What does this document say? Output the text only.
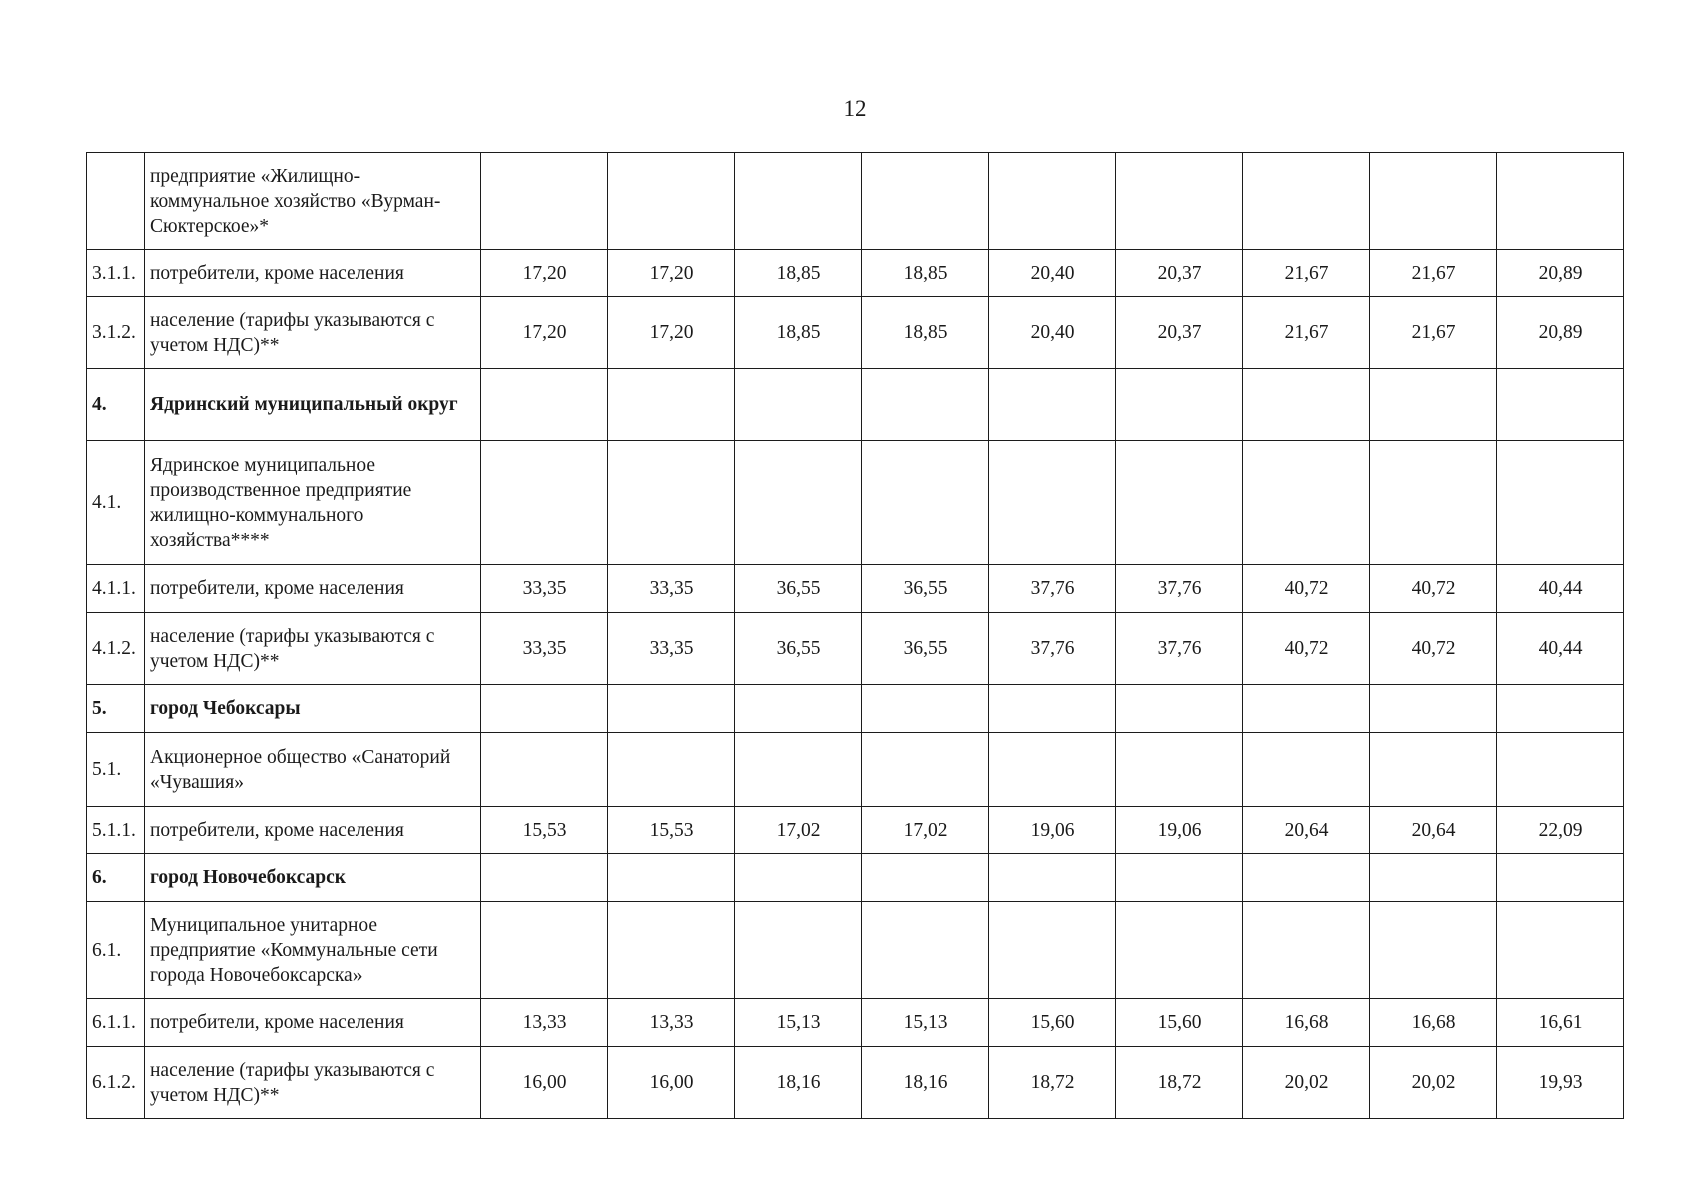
12
	предприятие «Жилищно-коммунальное хозяйство «Вурман-Сюктерское»*									
3.1.1.	потребители, кроме населения	17,20	17,20	18,85	18,85	20,40	20,37	21,67	21,67	20,89
3.1.2.	население (тарифы указываются с учетом НДС)**	17,20	17,20	18,85	18,85	20,40	20,37	21,67	21,67	20,89
4.	Ядринский муниципальный округ									
4.1.	Ядринское муниципальное производственное предприятие жилищно-коммунального хозяйства****									
4.1.1.	потребители, кроме населения	33,35	33,35	36,55	36,55	37,76	37,76	40,72	40,72	40,44
4.1.2.	население (тарифы указываются с учетом НДС)**	33,35	33,35	36,55	36,55	37,76	37,76	40,72	40,72	40,44
5.	город Чебоксары									
5.1.	Акционерное общество «Санаторий «Чувашия»									
5.1.1.	потребители, кроме населения	15,53	15,53	17,02	17,02	19,06	19,06	20,64	20,64	22,09
6.	город Новочебоксарск									
6.1.	Муниципальное унитарное предприятие «Коммунальные сети города Новочебоксарска»									
6.1.1.	потребители, кроме населения	13,33	13,33	15,13	15,13	15,60	15,60	16,68	16,68	16,61
6.1.2.	население (тарифы указываются с учетом НДС)**	16,00	16,00	18,16	18,16	18,72	18,72	20,02	20,02	19,93
